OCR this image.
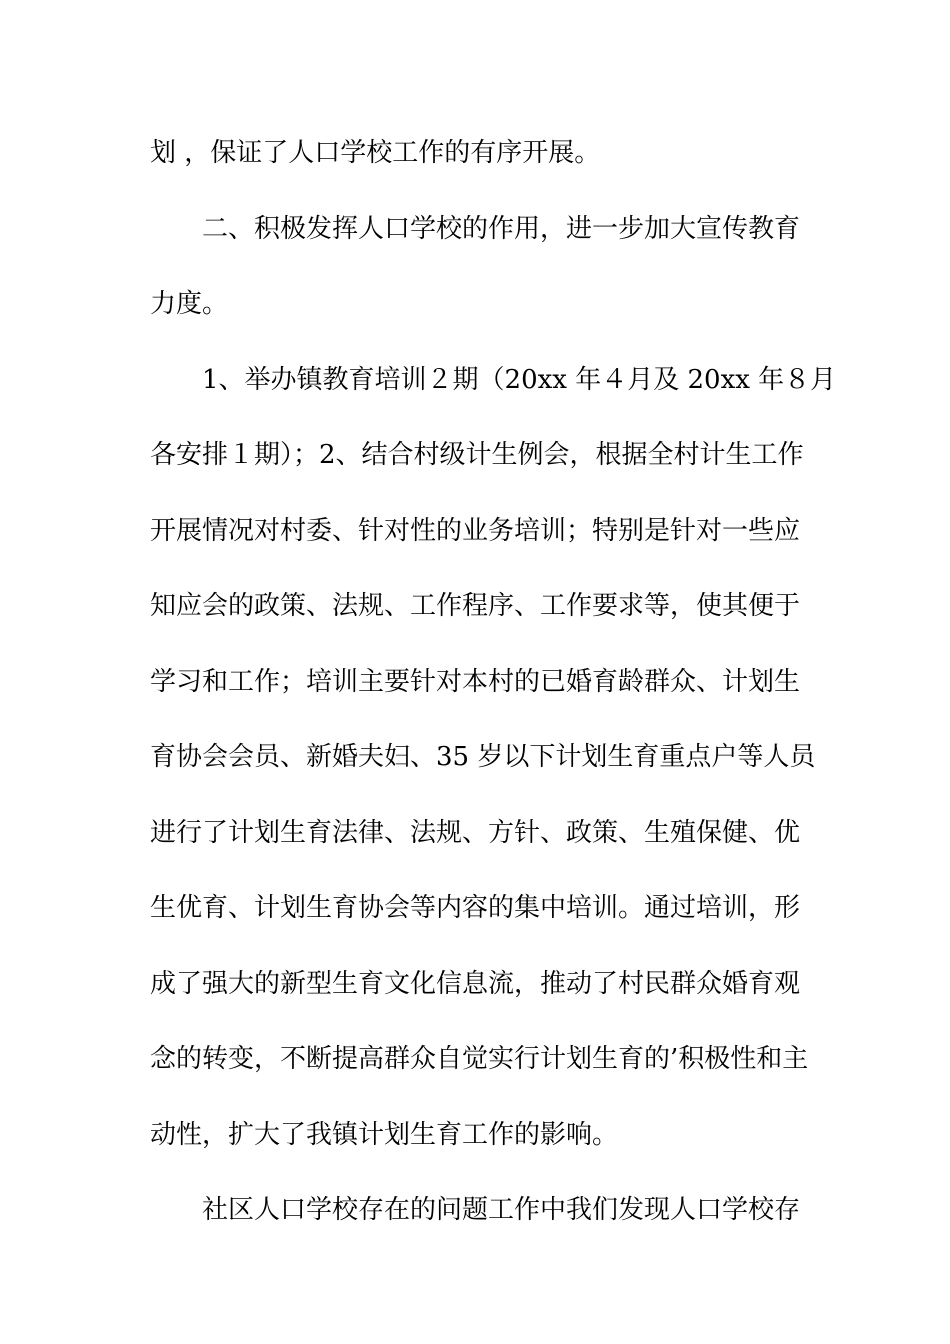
划 ，保证了人口学校工作的有序开展。
二、积极发挥人口学校的作用，进一步加大宣传教育
力度。
1、举办镇教育培训２期（20xx 年４月及 20xx 年８月
各安排１期）；2、结合村级计生例会，根据全村计生工作
开展情况对村委、针对性的业务培训；特别是针对一些应
知应会的政策、法规、工作程序、工作要求等，使其便于
学习和工作；培训主要针对本村的已婚育龄群众、计划生
育协会会员、新婚夫妇、35 岁以下计划生育重点户等人员
进行了计划生育法律、法规、方针、政策、生殖保健、优
生优育、计划生育协会等内容的集中培训。通过培训，形
成了强大的新型生育文化信息流，推动了村民群众婚育观
念的转变，不断提高群众自觉实行计划生育的’积极性和主
动性，扩大了我镇计划生育工作的影响。
社区人口学校存在的问题工作中我们发现人口学校存
